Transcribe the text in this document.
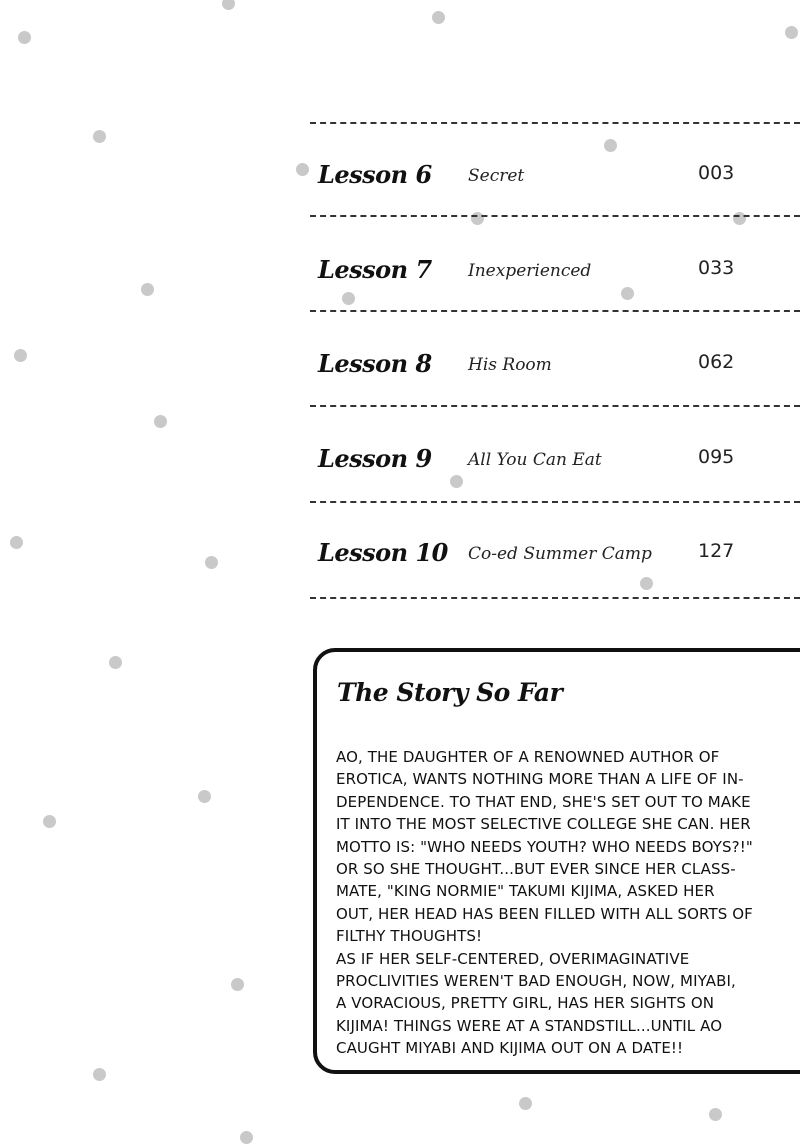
Lesson 6 Secret	003
Lesson 7 Inexperienced	033
Lesson 8 His Room	062
Lesson 9 All You Can Eat	095
Lesson 10 Co-ed Summer Camp 127
The Story So Far
AO, THE DAUGHTER OF A RENOWNED AUTHOR OF
EROTICA, WANTS NOTHING MORE THAN A LIFE OF IN-
DEPENDENCE. TO THAT END, SHE'S SET OUT TO MAKE
IT INTO THE MOST SELECTIVE COLLEGE SHE CAN. HER
MOTTO IS: "WHO NEEDS YOUTH? WHO NEEDS BOYS?!"
OR SO SHE THOUGHT...BUT EVER SINCE HER CLASS-
MATE, "KING NORMIE" TAKUMI KIJIMA, ASKED HER
OUT, HER HEAD HAS BEEN FILLED WITH ALL SORTS OF
FILTHY THOUGHTS!
AS IF HER SELF-CENTERED, OVERIMAGINATIVE
PROCLIVITIES WEREN'T BAD ENOUGH, NOW, MIYABI,
A VORACIOUS, PRETTY GIRL, HAS HER SIGHTS ON
KIJIMA! THINGS WERE AT A STANDSTILL...UNTIL AO
CAUGHT MIYABI AND KIJIMA OUT ON A DATE!!
